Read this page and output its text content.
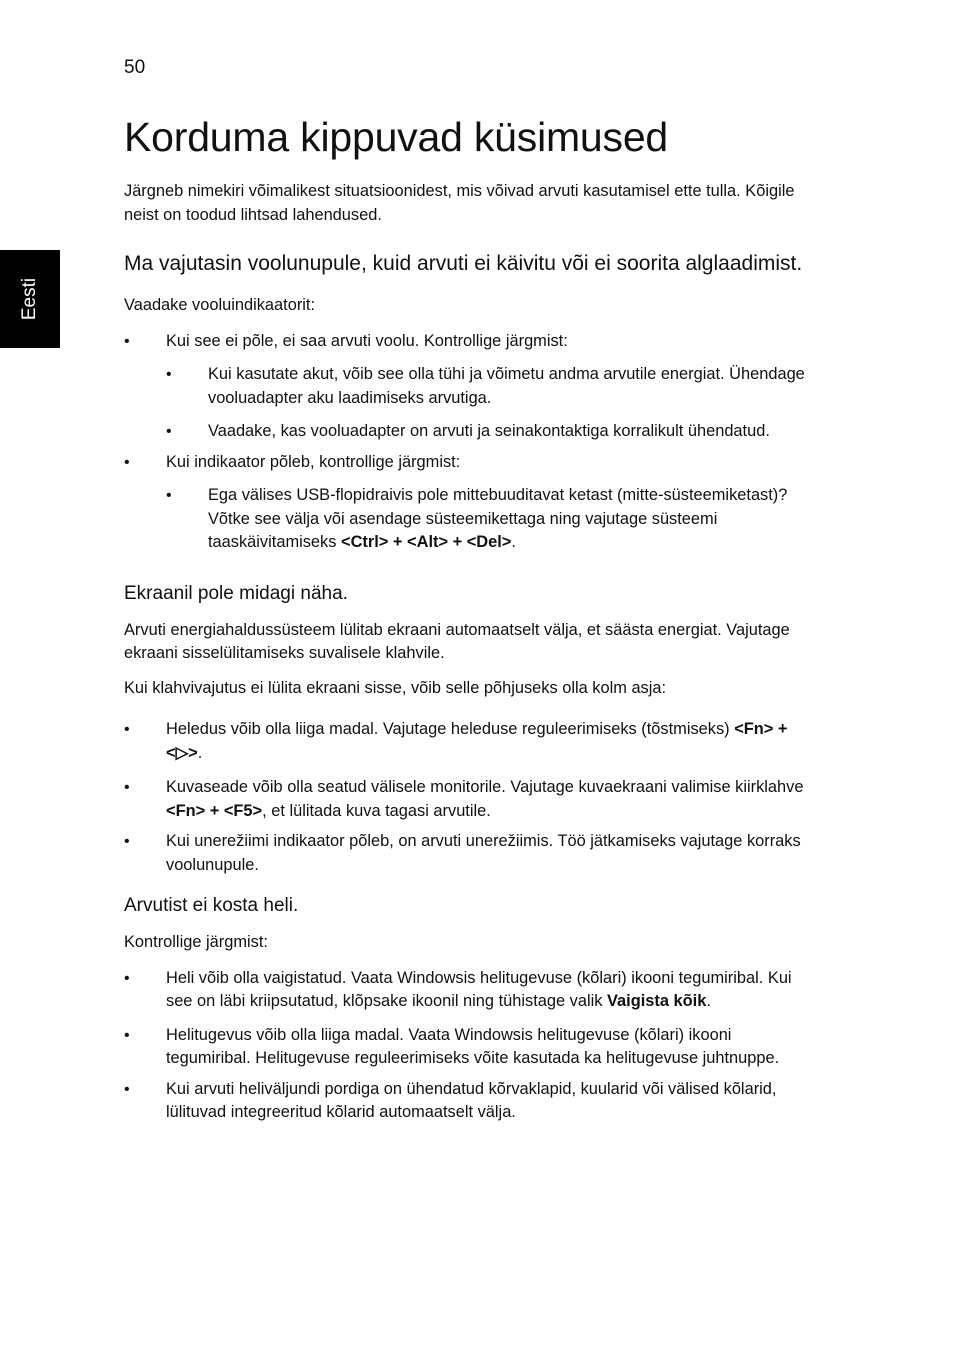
50
Eesti
Korduma kippuvad küsimused

Järgneb nimekiri võimalikest situatsioonidest, mis võivad arvuti kasutamisel ette tulla. Kõigile neist on toodud lihtsad lahendused.

Ma vajutasin voolunupule, kuid arvuti ei käivitu või ei soorita alglaadimist.

Vaadake vooluindikaatorit:

• Kui see ei põle, ei saa arvuti voolu. Kontrollige järgmist:
• Kui kasutate akut, võib see olla tühi ja võimetu andma arvutile energiat. Ühendage vooluadapter aku laadimiseks arvutiga.
• Vaadake, kas vooluadapter on arvuti ja seinakontaktiga korralikult ühendatud.
• Kui indikaator põleb, kontrollige järgmist:
• Ega välises USB-flopidraivis pole mittebuuditavat ketast (mitte-süsteemiketast)? Võtke see välja või asendage süsteemikettaga ning vajutage süsteemi taaskäivitamiseks <Ctrl> + <Alt> + <Del>.
Ekraanil pole midagi näha.

Arvuti energiahaldussüsteem lülitab ekraani automaatselt välja, et säästa energiat. Vajutage ekraani sisselülitamiseks suvalisele klahvile.

Kui klahvivajutus ei lülita ekraani sisse, võib selle põhjuseks olla kolm asja:

• Heledus võib olla liiga madal. Vajutage heleduse reguleerimiseks (tõstmiseks) <Fn> + <▷>.
• Kuvaseade võib olla seatud välisele monitorile. Vajutage kuvaekraani valimise kiirklahve <Fn> + <F5>, et lülitada kuva tagasi arvutile.
• Kui unerežiimi indikaator põleb, on arvuti unerežiimis. Töö jätkamiseks vajutage korraks voolunupule.
Arvutist ei kosta heli.

Kontrollige järgmist:

• Heli võib olla vaigistatud. Vaata Windowsis helitugevuse (kõlari) ikooni tegumiribal. Kui see on läbi kriipsutatud, klõpsake ikoonil ning tühistage valik Vaigista kõik.
• Helitugevus võib olla liiga madal. Vaata Windowsis helitugevuse (kõlari) ikooni tegumiribal. Helitugevuse reguleerimiseks võite kasutada ka helitugevuse juhtnuppe.
• Kui arvuti heliväljundi pordiga on ühendatud kõrvaklapid, kuularid või välised kõlarid, lülituvad integreeritud kõlarid automaatselt välja.
